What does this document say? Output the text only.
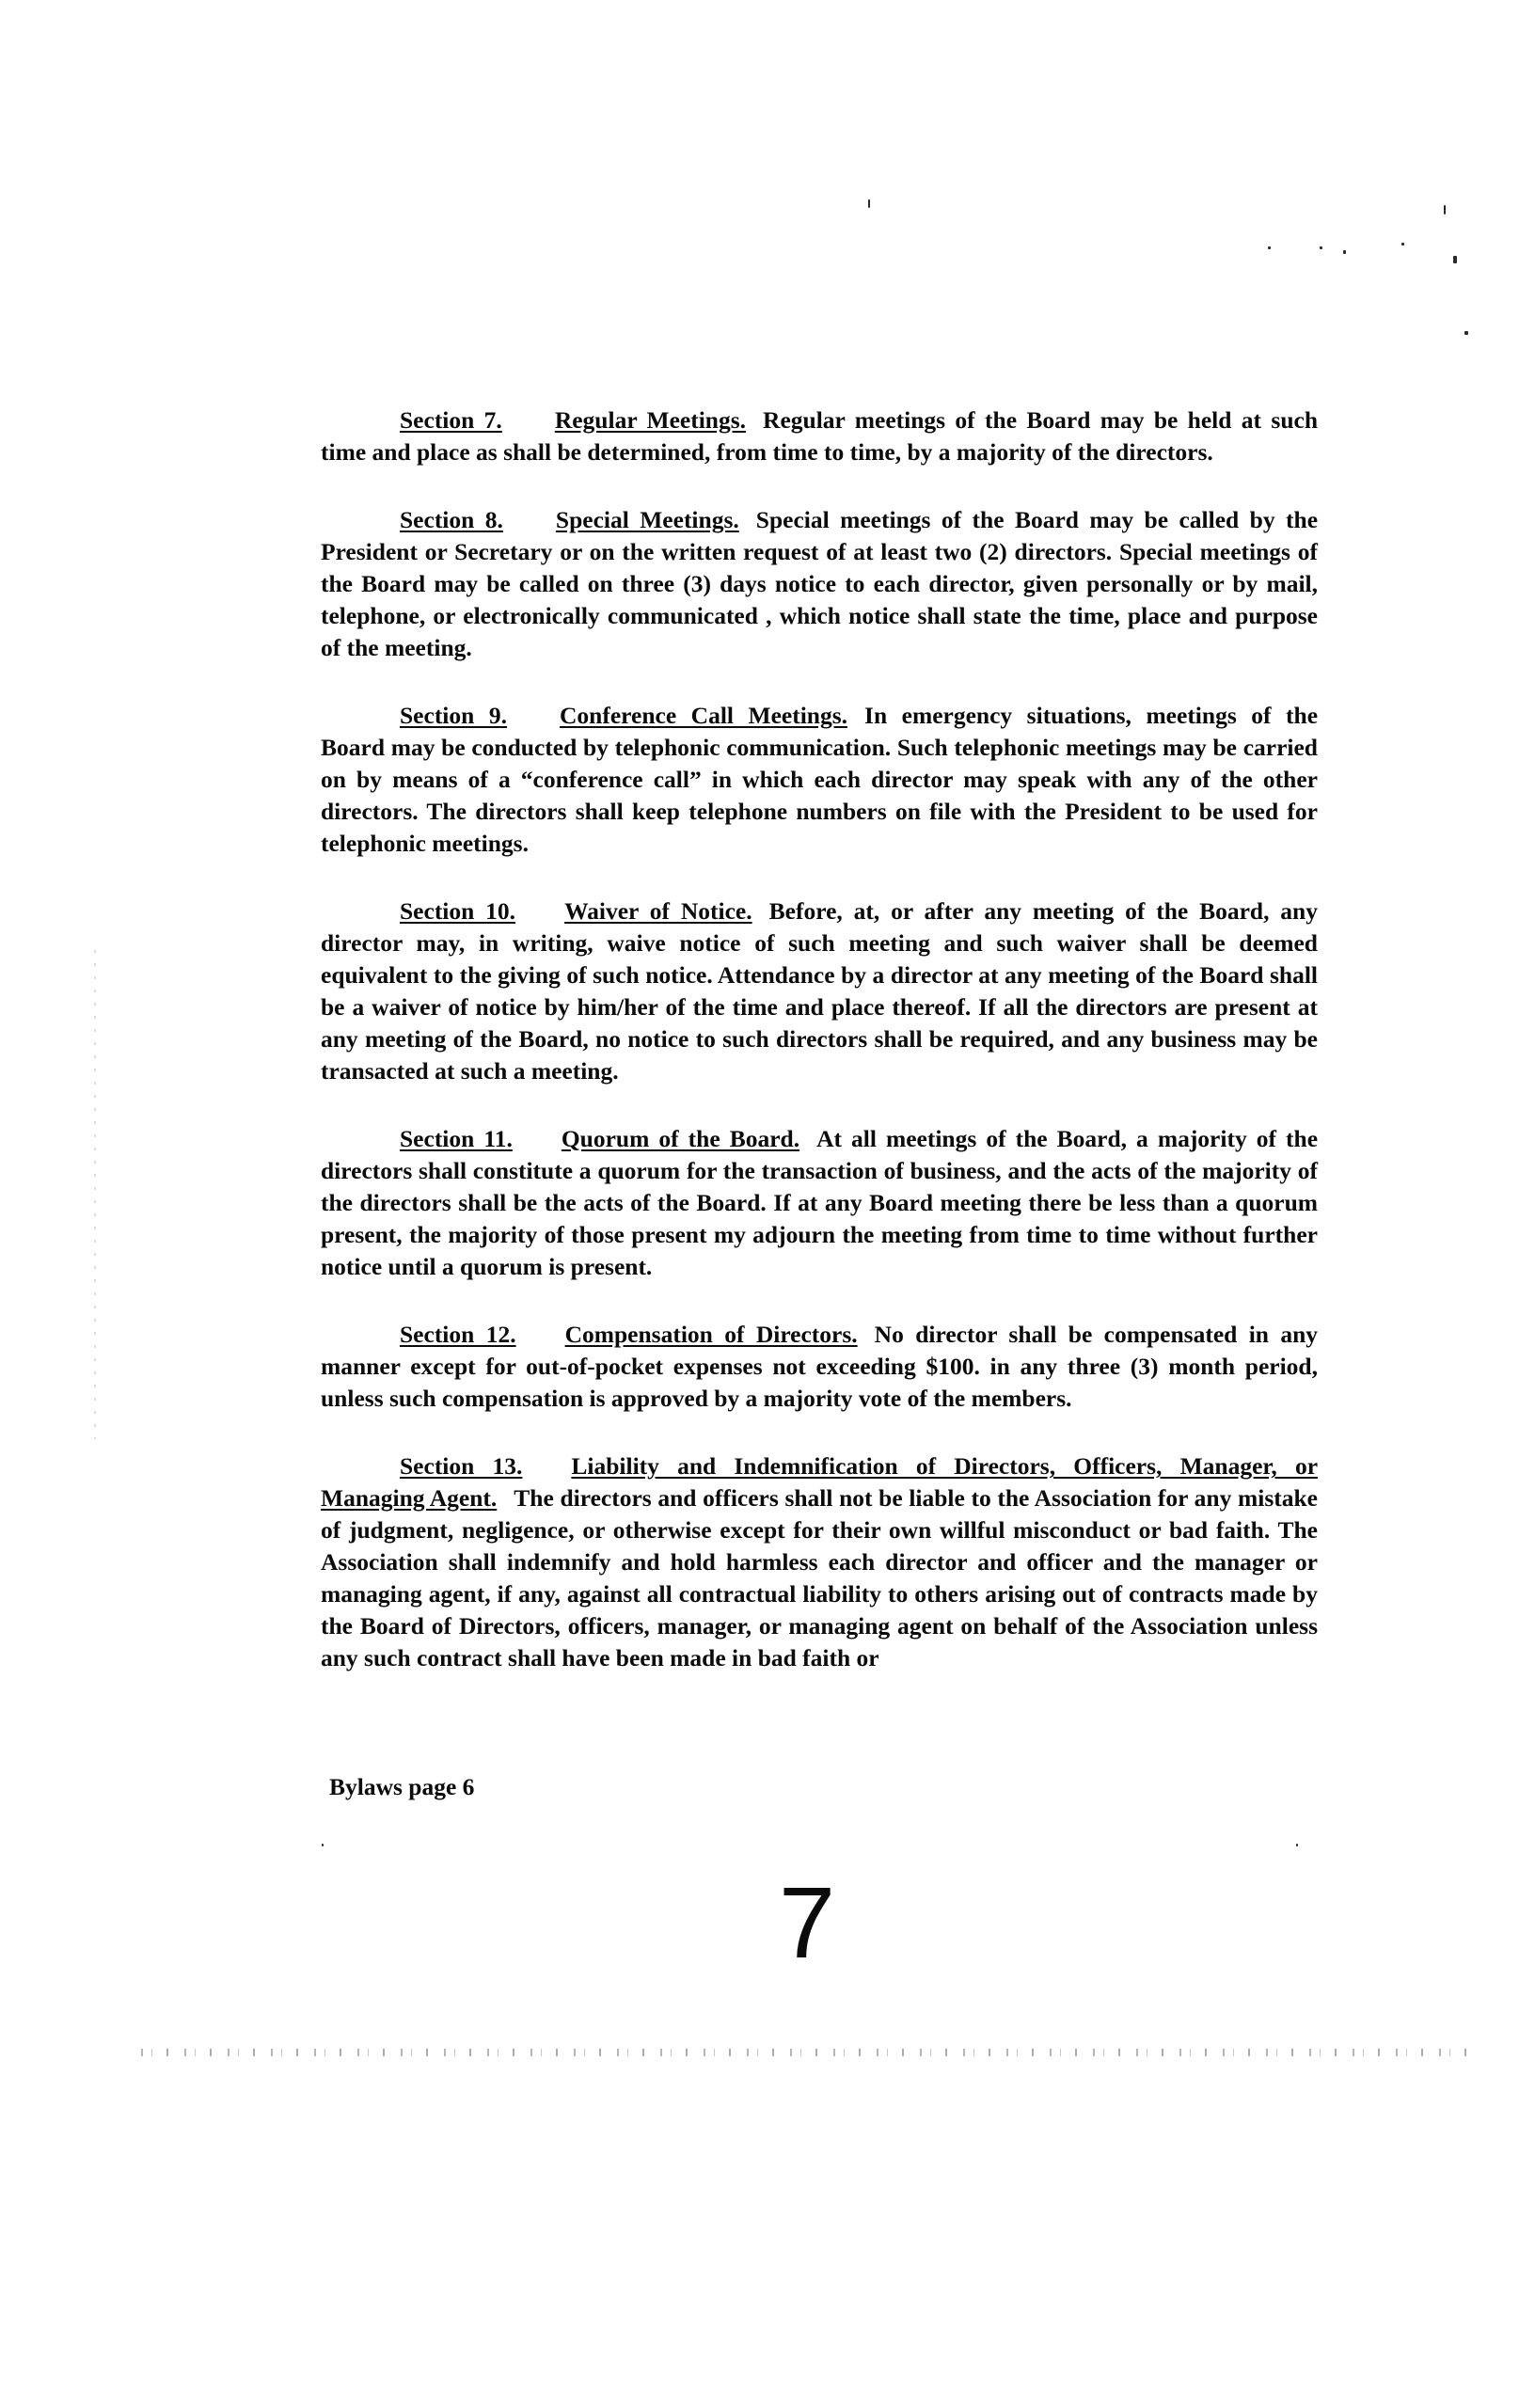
Section 7. Regular Meetings. Regular meetings of the Board may be held at such time and place as shall be determined, from time to time, by a majority of the directors.

Section 8. Special Meetings. Special meetings of the Board may be called by the President or Secretary or on the written request of at least two (2) directors. Special meetings of the Board may be called on three (3) days notice to each director, given personally or by mail, telephone, or electronically communicated , which notice shall state the time, place and purpose of the meeting.

Section 9. Conference Call Meetings. In emergency situations, meetings of the Board may be conducted by telephonic communication. Such telephonic meetings may be carried on by means of a “conference call” in which each director may speak with any of the other directors. The directors shall keep telephone numbers on file with the President to be used for telephonic meetings.

Section 10. Waiver of Notice. Before, at, or after any meeting of the Board, any director may, in writing, waive notice of such meeting and such waiver shall be deemed equivalent to the giving of such notice. Attendance by a director at any meeting of the Board shall be a waiver of notice by him/her of the time and place thereof. If all the directors are present at any meeting of the Board, no notice to such directors shall be required, and any business may be transacted at such a meeting.

Section 11. Quorum of the Board. At all meetings of the Board, a majority of the directors shall constitute a quorum for the transaction of business, and the acts of the majority of the directors shall be the acts of the Board. If at any Board meeting there be less than a quorum present, the majority of those present my adjourn the meeting from time to time without further notice until a quorum is present.

Section 12. Compensation of Directors. No director shall be compensated in any manner except for out-of-pocket expenses not exceeding $100. in any three (3) month period, unless such compensation is approved by a majority vote of the members.

Section 13. Liability and Indemnification of Directors, Officers, Manager, or Managing Agent. The directors and officers shall not be liable to the Association for any mistake of judgment, negligence, or otherwise except for their own willful misconduct or bad faith. The Association shall indemnify and hold harmless each director and officer and the manager or managing agent, if any, against all contractual liability to others arising out of contracts made by the Board of Directors, officers, manager, or managing agent on behalf of the Association unless any such contract shall have been made in bad faith or

Bylaws page 6
7
